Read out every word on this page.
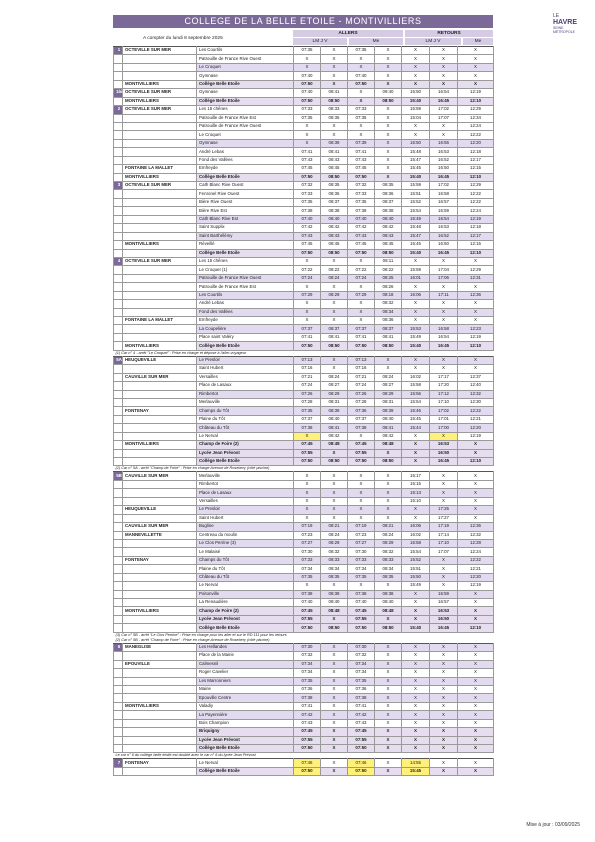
COLLEGE DE LA BELLE ETOILE - MONTIVILLIERS	LE
HAVRE
SEINE MÉTROPOLE
A compter du lundi 8 septembre 2025
ALLERS	RETOURS
LM J V	Me	LM J V	Me
1	OCTEVILLE SUR MER	Les Courtils	07:35	X	07:35	X	X	X	X
		Patrouille de France Rive Ouest	X	X	X	X	X	X	X
		Le Croquet	X	X	X	X	X	X	X
		Gymnase	07:40	X	07:40	X	X	X	X
	MONTIVILLIERS	Collège Belle Etoile	07:50	X	07:50	X	X	X	X
1bis	OCTEVILLE SUR MER	Gymnase	07:40	08:41	X	09:40	15:50	16:54	12:19
	MONTIVILLIERS	Collège Belle Etoile	07:50	08:50	X	08:50	15:40	16:45	12:10
2	OCTEVILLE SUR MER	Les 15 chênes	07:33	08:33	07:33	X	15:59	17:02	12:29
		Patrouille de France Rive Est	07:35	08:35	07:35	X	15:04	17:07	12:34
		Patrouille de France Rive Ouest	X	X	X	X	X	X	12:24
		Le Croquet	X	X	X	X	X	X	12:22
		Gymnase	X	08:39	07:39	X	15:50	16:55	12:20
		André Lebas	07:41	08:41	07:41	X	15:48	16:53	12:18
		Fond des Vallées	07:43	08:43	07:43	X	15:47	16:52	12:17
	FONTAINE LA MALLET	Emfreyde	07:45	08:45	07:45	X	15:45	16:50	12:15
	MONTIVILLIERS	Collège Belle Etoile	07:50	08:50	07:50	X	15:40	16:45	12:10
3	OCTEVILLE SUR MER	Cath Blanc Rive Ouest	07:32	08:35	07:32	08:35	15:59	17:02	12:29
		Fenronel Rive Ouest	07:33	08:36	07:33	08:36	15:51	16:58	12:22
		Bière Rive Ouest	07:35	08:37	07:35	08:37	15:52	16:57	12:22
		Bière Rive Est	07:38	08:38	07:38	08:38	15:54	16:59	12:24
		Cath Blanc Rive Est	07:40	08:40	07:40	08:40	15:49	16:54	12:19
		Saint Supplix	07:42	08:42	07:42	08:42	15:48	16:53	12:18
		Saint Barthélémy	07:43	08:43	07:43	08:43	15:47	16:52	12:17
	MONTIVILLIERS	Réveillé	07:45	08:45	07:45	08:45	15:45	16:50	12:15
		Collège Belle Etoile	07:50	08:50	07:50	08:50	15:40	16:45	12:10
4	OCTEVILLE SUR MER	Les 15 chênes	X	X	X	08:11	X	X	X
		Le Croquet (1)	07:22	08:22	07:22	08:22	15:59	17:04	12:29
		Patrouille de France Rive Ouest	07:24	08:24	07:24	08:25	16:01	17:06	12:31
		Patrouille de France Rive Est	X	X	X	08:26	X	X	X
		Les Courtils	07:29	08:29	07:29	08:18	16:06	17:11	12:36
		André Lebas	X	X	X	08:32	X	X	X
		Fond des Vallées	X	X	X	08:34	X	X	X
	FONTAINE LA MALLET	Emfreyde	X	X	X	08:36	X	X	X
		La Coupelière	07:37	08:37	07:37	08:37	15:53	16:58	12:23
		Place saint Valéry	07:41	08:41	07:41	08:41	15:49	16:54	12:19
	MONTIVILLIERS	Collège Belle Etoile	07:50	08:50	07:50	08:50	15:40	16:45	12:10
(1) Car n° 4 - arrêt "Le Croquet" : Prise en charge et dépose à l'aller-voyageur									
5A	HEUQUEVILLE	Le Presloir	07:13	X	07:13	X	X	X	X
		Saint Hubert	07:16	X	07:16	X	X	X	X
	CAUVILLE SUR MER	Versailles	07:21	08:24	07:21	08:24	16:02	17:17	12:37
		Place de Lasaux	07:24	08:27	07:24	08:27	15:58	17:20	12:40
		Rimbertot	07:26	08:29	07:26	08:29	15:56	17:12	12:32
		Merlauville	07:28	08:31	07:28	08:31	15:54	17:10	12:30
	FONTENAY	Champs du Tôt	07:35	08:39	07:36	08:39	15:46	17:02	12:22
		Plaine du Tôt	07:37	08:40	07:37	08:40	15:45	17:01	12:21
		Château du Tôt	07:38	08:41	07:38	08:41	15:44	17:00	12:20
		Le Nerval	X	08:42	X	08:42	X	X	12:19
	MONTIVILLIERS	Champ de Foire (2)	07:45	08:48	07:45	08:48	X	16:53	X
		Lycée Jean Prévost	07:55	X	07:55	X	X	16:50	X
		Collège Belle Etoile	07:50	08:50	07:50	08:50	X	16:45	12:10
(2) Car n° 5A - arrêt "Champ de Foire" : Prise en charge Avenue de Rosebery (côté piscine)									
5B	CAUVILLE SUR MER	Merlauville	X	X	X	X	15:17	X	X
		Rimbertot	X	X	X	X	15:15	X	X
		Place de Lasaux	X	X	X	X	15:13	X	X
		Versailles	X	X	X	X	15:10	X	X
	HEUQUEVILLE	Le Presloir	X	X	X	X	X	17:25	X
		Saint Hubert	X	X	X	X	X	17:27	X
	CAUVILLE SUR MER	Bugline	07:19	08:21	07:19	08:21	16:06	17:19	12:36
	MANNEVILLETTE	Centreau du moulin	07:23	08:24	07:23	08:24	16:02	17:14	12:32
		Le Clos Perrine (3)	07:27	08:29	07:27	08:29	15:58	17:10	12:28
		Le Malaisé	07:30	08:32	07:30	08:32	15:54	17:07	12:24
	FONTENAY	Champs du Tôt	07:33	08:33	07:33	08:33	15:52	X	12:22
		Plaine du Tôt	07:34	08:34	07:34	08:34	15:51	X	12:21
		Château du Tôt	07:35	08:35	07:35	08:35	15:50	X	12:20
		Le Nerval	X	X	X	X	15:49	X	12:19
		Poitonville	07:38	08:38	07:38	08:38	X	16:59	X
		La Renaudière	07:40	08:40	07:40	08:40	X	16:57	X
	MONTIVILLIERS	Champ de Foire (2)	07:45	08:48	07:45	08:48	X	16:53	X
		Lycée Jean Prévost	07:55	X	07:55	X	X	16:50	X
		Collège Belle Etoile	07:50	08:50	07:50	08:50	15:40	16:45	12:10
(3) Car n° 5B - arrêt "Le Clos Perrine" : Prise en charge pour les aller et sur le RD 111 pour les retours									
(2) Car n° 5B - arrêt "Champ de Foire" : Prise en charge Avenue de Rosebery (côté piscine)									
6	MANEGLISE	Les Hellandes	07:30	X	07:30	X	X	X	X
		Place de la Mairie	07:32	X	07:32	X	X	X	X
	EPOUVILLE	Calmesnil	07:34	X	07:34	X	X	X	X
		Roger Cavelier	07:34	X	07:34	X	X	X	X
		Les Marronniers	07:35	X	07:35	X	X	X	X
		Mairie	07:36	X	07:36	X	X	X	X
		Epouville Centre	07:38	X	07:38	X	X	X	X
	MONTIVILLIERS	Valadiy	07:41	X	07:41	X	X	X	X
		La Payennière	07:42	X	07:42	X	X	X	X
		Bois Champion	07:43	X	07:43	X	X	X	X
		Briquigny	07:45	X	07:45	X	X	X	X
		Lycée Jean Prévost	07:55	X	07:55	X	X	X	X
		Collège Belle Etoile	07:50	X	07:50	X	X	X	X
Le car n° 6 du collège belle étoile est doublé avec le car n° 6 du lycée Jean Prévost									
7	FONTENAY	Le Nerval	07:46	X	07:46	X	14:55	X	X
		Collège Belle Etoile	07:50	X	07:50	X	15:45	X	X
Mise à jour : 03/09/2025
